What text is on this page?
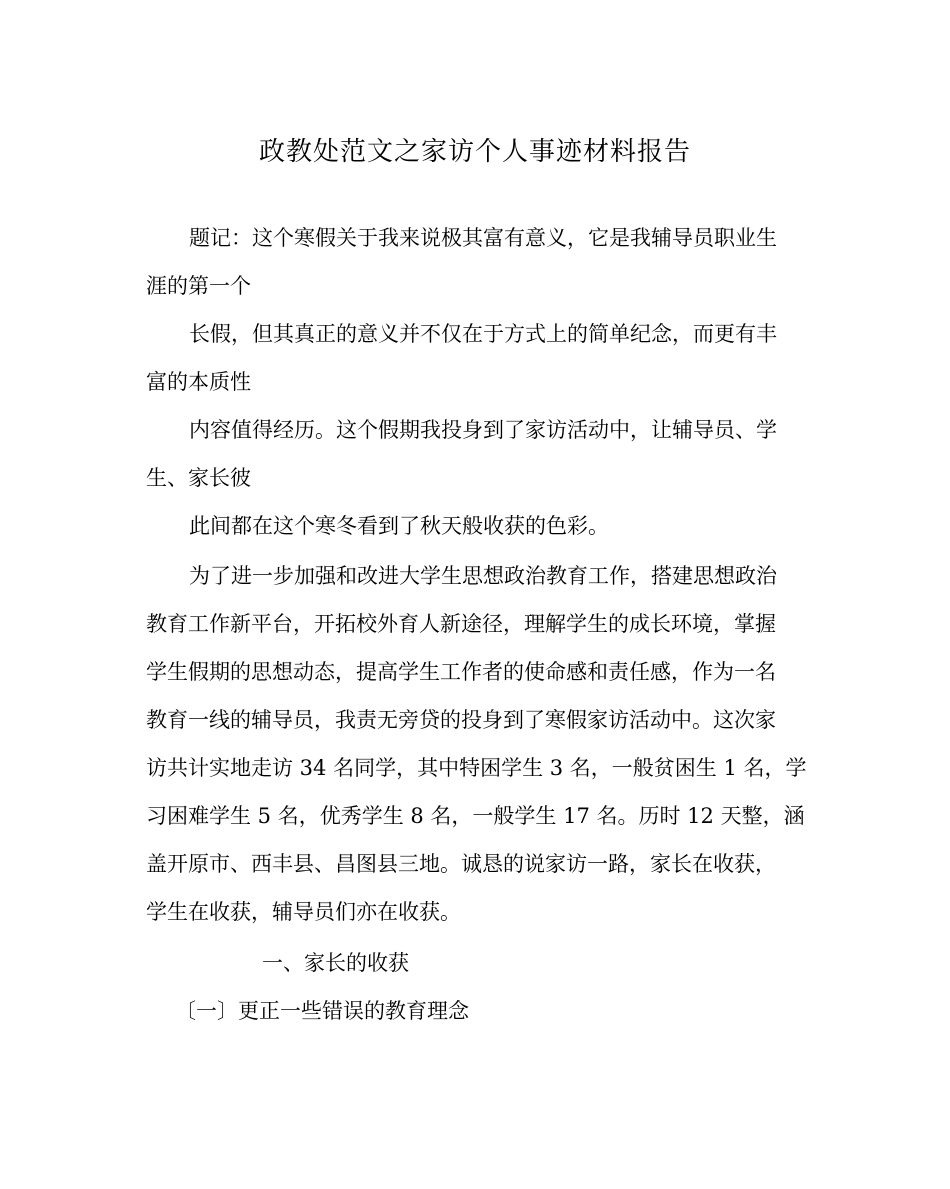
政教处范文之家访个人事迹材料报告
题记：这个寒假关于我来说极其富有意义，它是我辅导员职业生
涯的第一个
长假，但其真正的意义并不仅在于方式上的简单纪念，而更有丰
富的本质性
内容值得经历。这个假期我投身到了家访活动中，让辅导员、学
生、家长彼
此间都在这个寒冬看到了秋天般收获的色彩。
为了进一步加强和改进大学生思想政治教育工作，搭建思想政治
教育工作新平台，开拓校外育人新途径，理解学生的成长环境，掌握
学生假期的思想动态，提高学生工作者的使命感和责任感，作为一名
教育一线的辅导员，我责无旁贷的投身到了寒假家访活动中。这次家
访共计实地走访 34 名同学，其中特困学生 3 名，一般贫困生 1 名，学
习困难学生 5 名，优秀学生 8 名，一般学生 17 名。历时 12 天整，涵
盖开原市、西丰县、昌图县三地。诚恳的说家访一路，家长在收获，
学生在收获，辅导员们亦在收获。
一、家长的收获
〔一〕更正一些错误的教育理念
